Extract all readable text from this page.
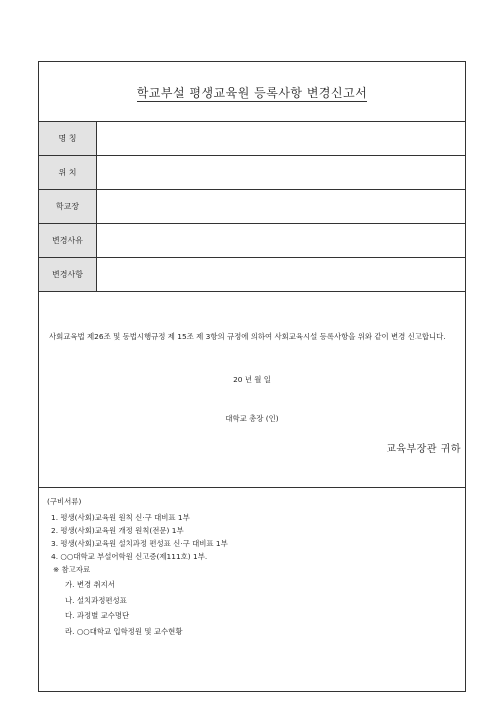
학교부설 평생교육원 등록사항 변경신고서
명 칭
위 치
학교장
변경사유
변경사항
사회교육법 제26조 및 동법시행규정 제 15조 제 3항의 규정에 의하여 사회교육시설 등록사항을 위와 같이 변경 신고합니다.
20 년 월 일
대학교 총장 (인)
교육부장관 귀하
(구비서류)
1. 평생(사회)교육원 원칙 신·구 대비표 1부
2. 평생(사회)교육원 개정 원칙(전문) 1부
3. 평생(사회)교육원 설치과정 편성표 신·구 대비표 1부
4. ○○대학교 부설어학원 신고증(제111호) 1부.
※ 참고자료
가. 변경 취지서
나. 설치과정편성표
다. 과정별 교수명단
라. ○○대학교 입학정원 및 교수현황
